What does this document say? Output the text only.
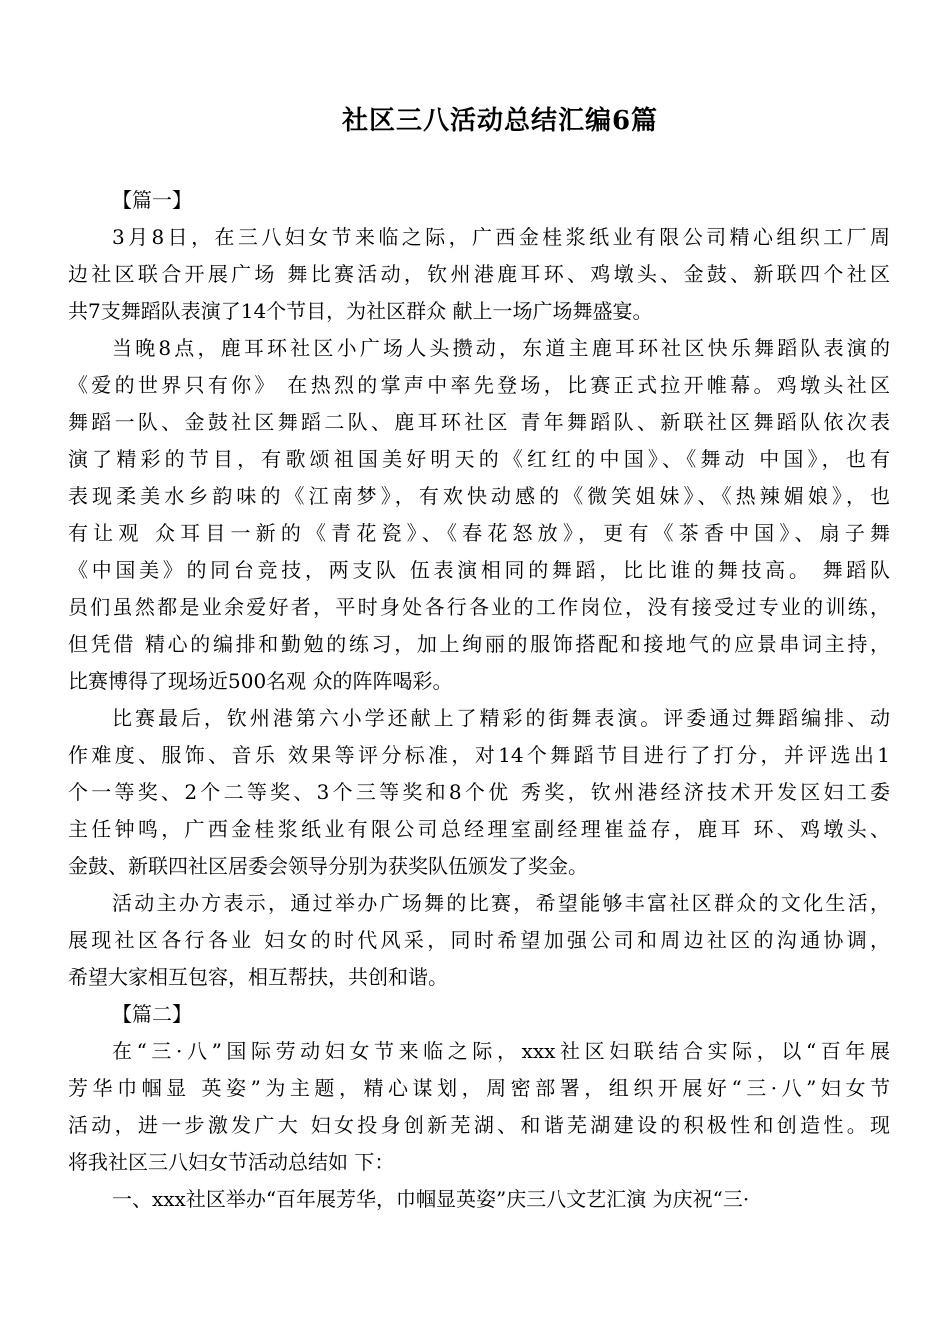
社区三八活动总结汇编6篇
【篇一】
3月8日，在三八妇女节来临之际，广西金桂浆纸业有限公司精心组织工厂周
边社区联合开展广场 舞比赛活动，钦州港鹿耳环、鸡墩头、金鼓、新联四个社区
共7支舞蹈队表演了14个节目，为社区群众 献上一场广场舞盛宴。
当晚8点，鹿耳环社区小广场人头攒动，东道主鹿耳环社区快乐舞蹈队表演的
《爱的世界只有你》 在热烈的掌声中率先登场，比赛正式拉开帷幕。鸡墩头社区
舞蹈一队、金鼓社区舞蹈二队、鹿耳环社区 青年舞蹈队、新联社区舞蹈队依次表
演了精彩的节目，有歌颂祖国美好明天的《红红的中国》、《舞动 中国》，也有
表现柔美水乡韵味的《江南梦》，有欢快动感的《微笑姐妹》、《热辣媚娘》，也
有让观 众耳目一新的《青花瓷》、《春花怒放》，更有《茶香中国》、扇子舞
《中国美》的同台竞技，两支队 伍表演相同的舞蹈，比比谁的舞技高。 舞蹈队
员们虽然都是业余爱好者，平时身处各行各业的工作岗位，没有接受过专业的训练，
但凭借 精心的编排和勤勉的练习，加上绚丽的服饰搭配和接地气的应景串词主持，
比赛博得了现场近500名观 众的阵阵喝彩。
比赛最后，钦州港第六小学还献上了精彩的街舞表演。评委通过舞蹈编排、动
作难度、服饰、音乐 效果等评分标准，对14个舞蹈节目进行了打分，并评选出1
个一等奖、2个二等奖、3个三等奖和8个优 秀奖，钦州港经济技术开发区妇工委
主任钟鸣，广西金桂浆纸业有限公司总经理室副经理崔益存，鹿耳 环、鸡墩头、
金鼓、新联四社区居委会领导分别为获奖队伍颁发了奖金。
活动主办方表示，通过举办广场舞的比赛，希望能够丰富社区群众的文化生活，
展现社区各行各业 妇女的时代风采，同时希望加强公司和周边社区的沟通协调，
希望大家相互包容，相互帮扶，共创和谐。
【篇二】
在“三·八”国际劳动妇女节来临之际，xxx社区妇联结合实际，以“百年展
芳华巾帼显 英姿”为主题，精心谋划，周密部署，组织开展好“三·八”妇女节
活动，进一步激发广大 妇女投身创新芜湖、和谐芜湖建设的积极性和创造性。现
将我社区三八妇女节活动总结如 下：
一、xxx社区举办“百年展芳华，巾帼显英姿”庆三八文艺汇演 为庆祝“三·
